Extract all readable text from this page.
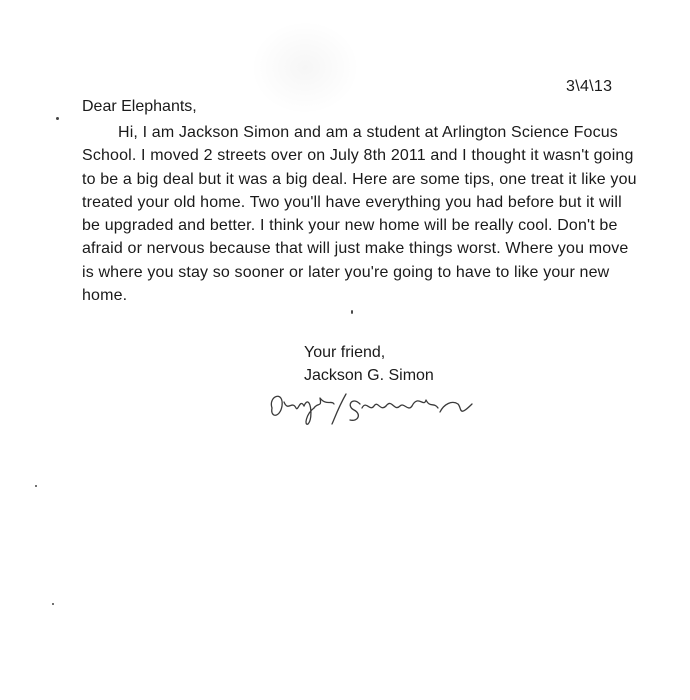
3\4\13
Dear Elephants,

Hi, I am Jackson Simon and am a student at Arlington Science Focus School. I moved 2 streets over on July 8th 2011 and I thought it wasn't going to be a big deal but it was a big deal. Here are some tips, one treat it like you treated your old home. Two you'll have everything you had before but it will be upgraded and better. I think your new home will be really cool. Don't be afraid or nervous because that will just make things worst. Where you move is where you stay so sooner or later you're going to have to like your new home.

Your friend,
Jackson G. Simon
